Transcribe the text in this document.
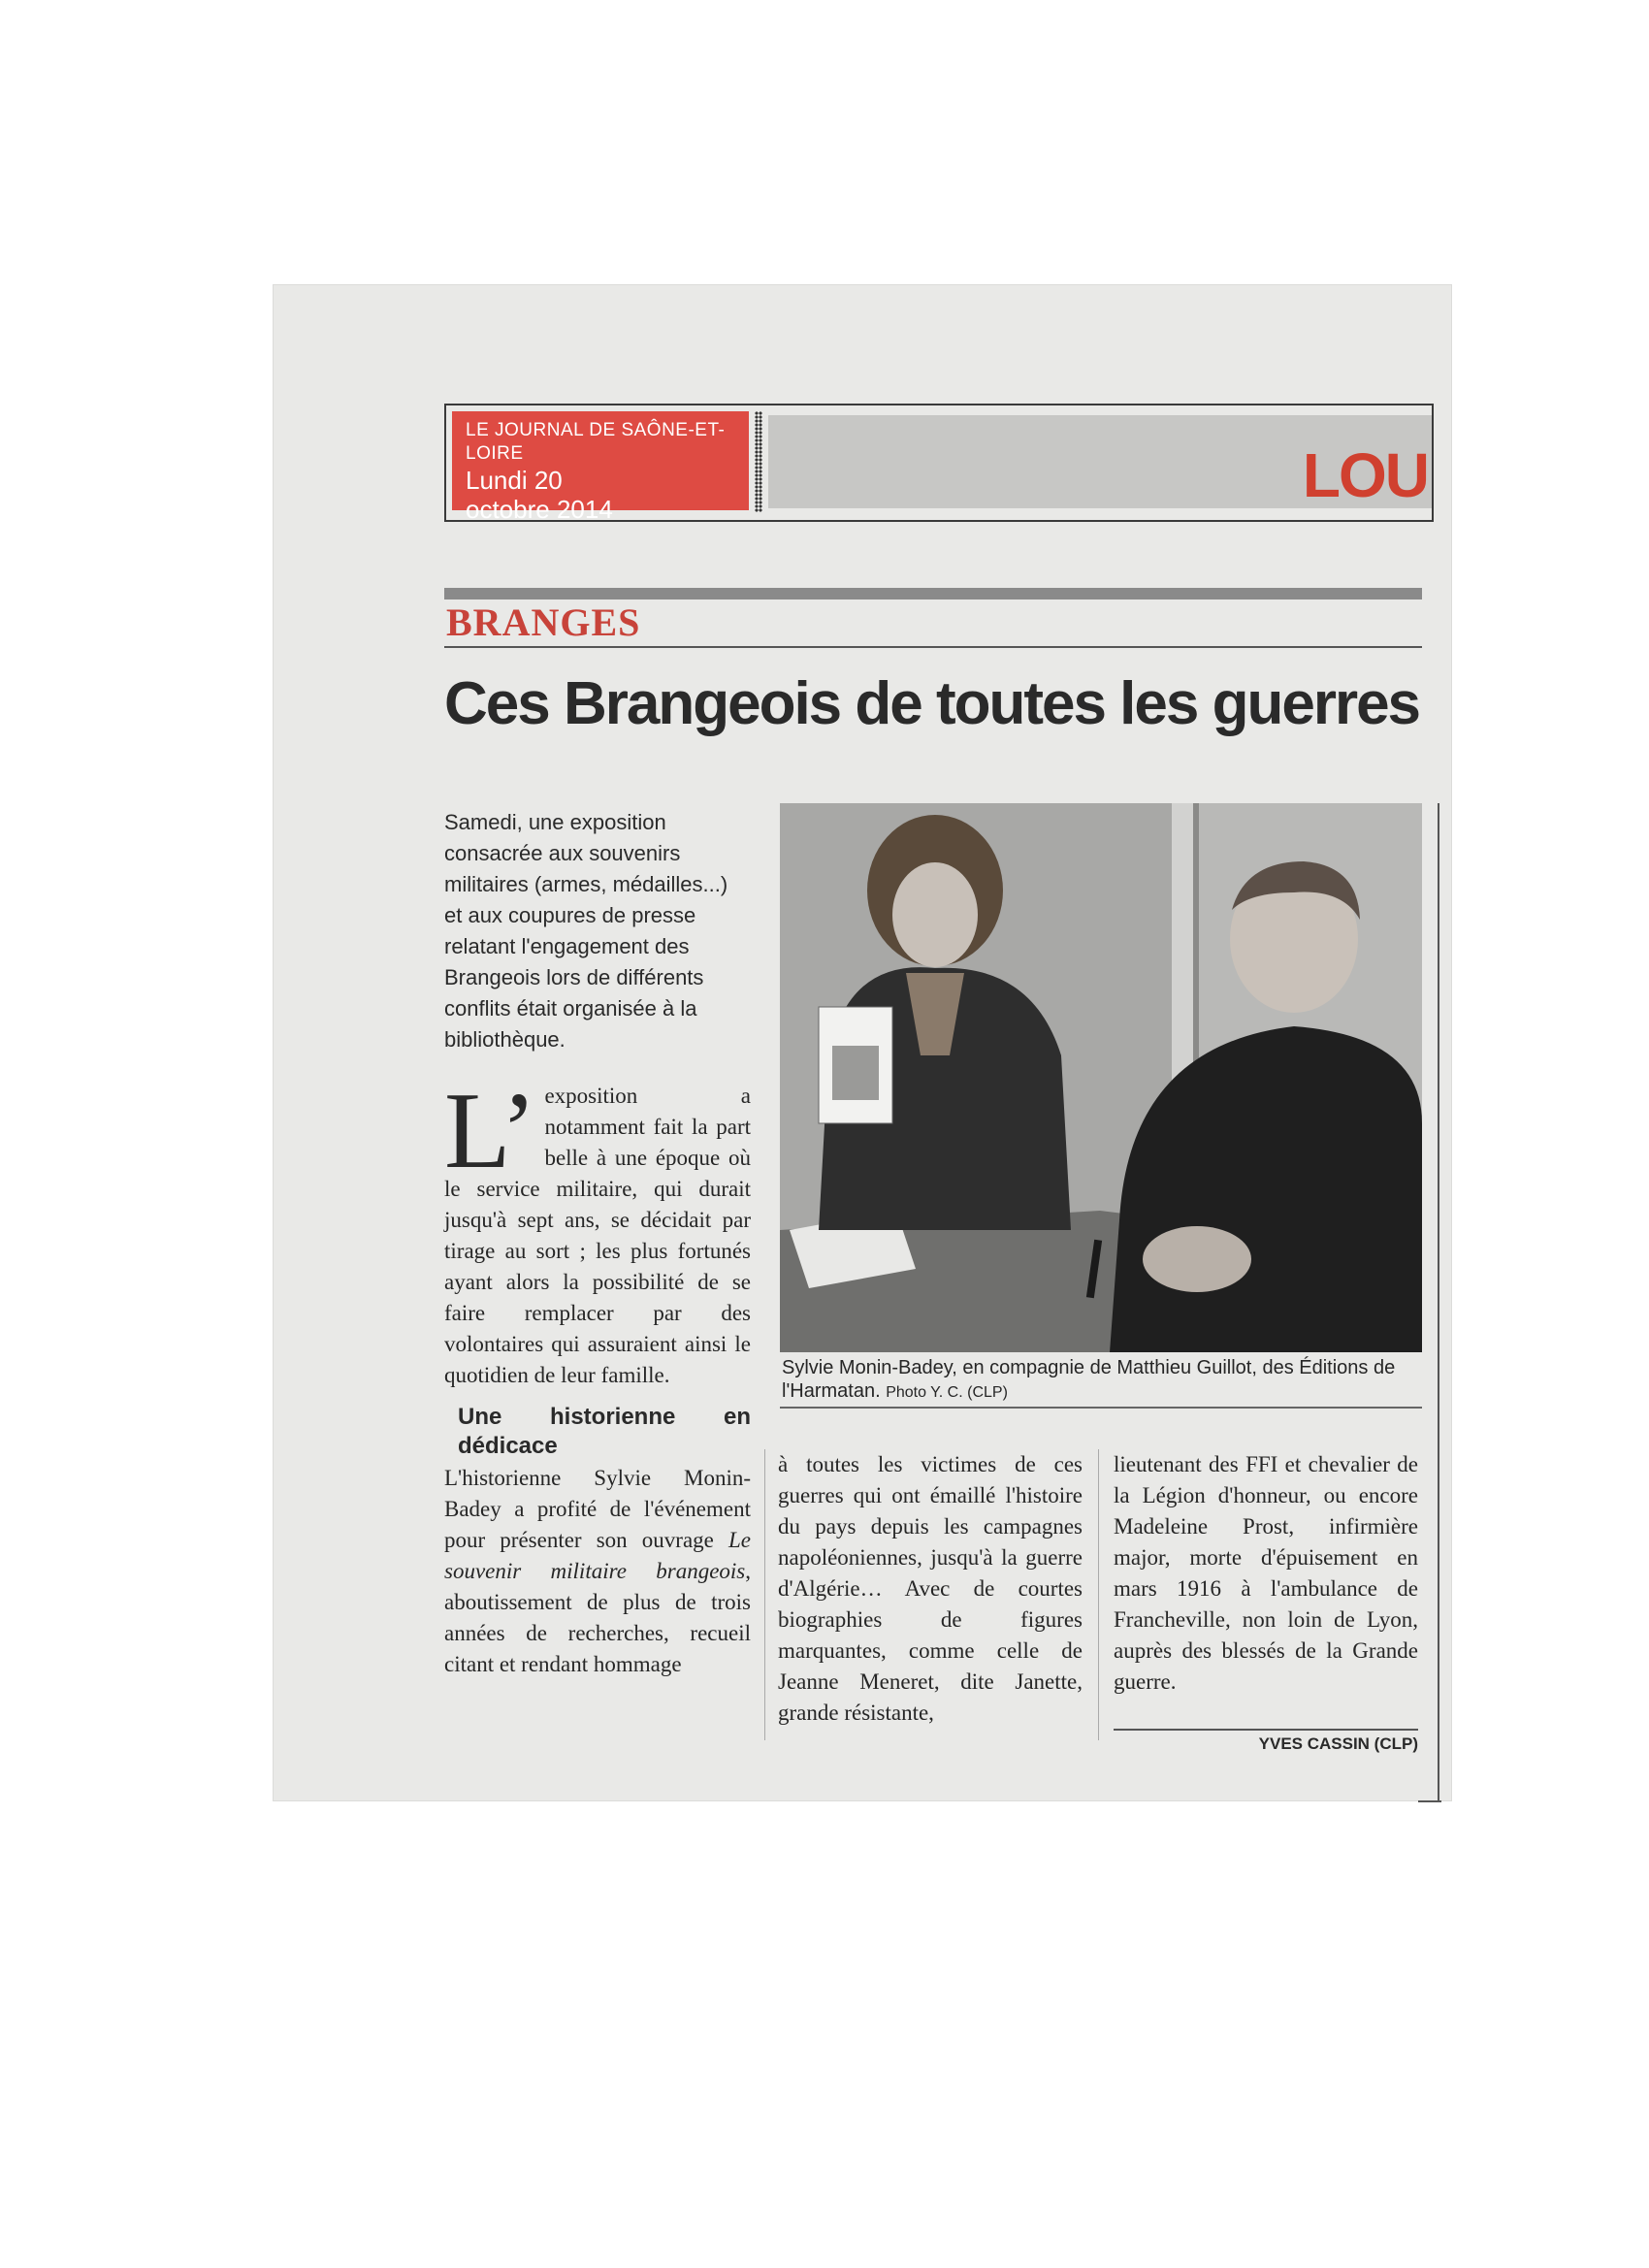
LE JOURNAL DE SAÔNE-ET-LOIRE
Lundi 20
octobre 2014	LOU
BRANGES
Ces Brangeois de toutes les guerres
Samedi, une exposition consacrée aux souvenirs militaires (armes, médailles...) et aux coupures de presse relatant l'engagement des Brangeois lors de différents conflits était organisée à la bibliothèque.
Sylvie Monin-Badey, en compagnie de Matthieu Guillot, des Éditions de l'Harmatan. Photo Y. C. (CLP)
L’ exposition a notamment fait la part belle à une époque où le service militaire, qui durait jusqu'à sept ans, se décidait par tirage au sort ; les plus fortunés ayant alors la possibilité de se faire remplacer par des volontaires qui assuraient ainsi le quotidien de leur famille.
Une historienne en dédicace
L'historienne Sylvie Monin-Badey a profité de l'événement pour présenter son ouvrage Le souvenir militaire brangeois, aboutissement de plus de trois années de recherches, recueil citant et rendant hommage
à toutes les victimes de ces guerres qui ont émaillé l'histoire du pays depuis les campagnes napoléoniennes, jusqu'à la guerre d'Algérie… Avec de courtes biographies de figures marquantes, comme celle de Jeanne Meneret, dite Janette, grande résistante,
lieutenant des FFI et chevalier de la Légion d'honneur, ou encore Madeleine Prost, infirmière major, morte d'épuisement en mars 1916 à l'ambulance de Francheville, non loin de Lyon, auprès des blessés de la Grande guerre.
YVES CASSIN (CLP)
